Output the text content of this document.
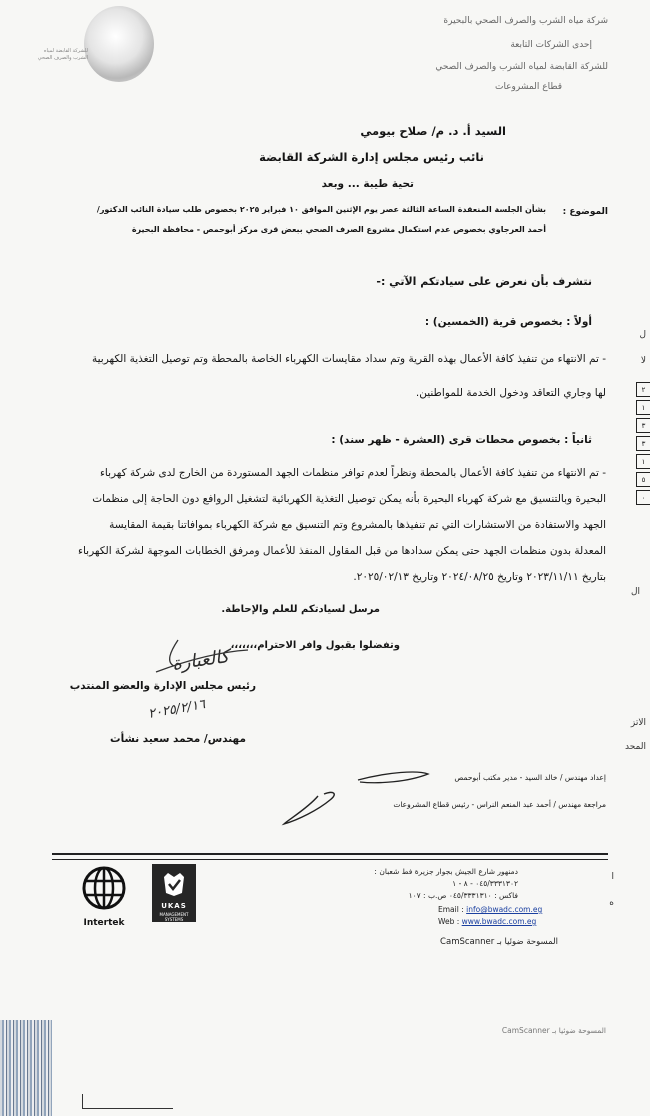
للشركة القابضة لمياه الشرب والصرف الصحي
شركة مياه الشرب والصرف الصحي بالبحيرة
إحدى الشركات التابعة
للشركة القابضة لمياه الشرب والصرف الصحي
قطاع المشروعات
السيد أ. د. م/ صلاح بيومي
نائب رئيس مجلس إدارة الشركة القابضة
تحية طيبة ... وبعد
الموضوع :
بشأن الجلسة المنعقدة الساعة الثالثة عصر يوم الإثنين الموافق ١٠ فبراير ٢٠٢٥ بخصوص طلب سيادة النائب الدكتور/
أحمد العرجاوي بخصوص عدم استكمال مشروع الصرف الصحي ببعض قرى مركز أبوحمص - محافظة البحيرة
نتشرف بأن نعرض على سيادتكم الآتي :-
أولاً : بخصوص قرية (الخمسين) :
- تم الانتهاء من تنفيذ كافة الأعمال بهذه القرية وتم سداد مقايسات الكهرباء الخاصة بالمحطة وتم توصيل التغذية الكهربية
لها وجاري التعاقد ودخول الخدمة للمواطنين.
ثانياً : بخصوص محطات قرى (العشرة - ظهر سند) :
- تم الانتهاء من تنفيذ كافة الأعمال بالمحطة ونظراً لعدم توافر منظمات الجهد المستوردة من الخارج لدى شركة كهرباء
البحيرة وبالتنسيق مع شركة كهرباء البحيرة بأنه يمكن توصيل التغذية الكهربائية لتشغيل الروافع دون الحاجة إلى منظمات
الجهد والاستفادة من الاستشارات التي تم تنفيذها بالمشروع وتم التنسيق مع شركة الكهرباء بموافاتنا بقيمة المقايسة
المعدلة بدون منظمات الجهد حتى يمكن سدادها من قبل المقاول المنفذ للأعمال ومرفق الخطابات الموجهة لشركة الكهرباء
بتاريخ ٢٠٢٣/١١/١١ وتاريخ ٢٠٢٤/٠٨/٢٥ وتاريخ ٢٠٢٥/٠٢/١٣.
مرسل لسيادتكم للعلم والإحاطة.
وتفضلوا بقبول وافر الاحترام،،،،،،،
كالعبارة
رئيس مجلس الإدارة والعضو المنتدب
٢٠٢٥/٢/١٦
مهندس/ محمد سعيد نشأت
إعداد مهندس / خالد السيد - مدير مكتب أبوحمص
مراجعة مهندس / أحمد عبد المنعم النراس - رئيس قطاع المشروعات
ل
لا
٢
١
٣
٣
١
٥
٠
ال
الاتز
المحد
Intertek
UKAS
MANAGEMENT SYSTEMS
دمنهور شارع الجيش بجوار جزيرة فط شعبان :
٠٤٥/٣٣٣١٣٠٢ - ٨ - ١
فاكس : ٠٤٥/٣٣٣١٣١٠ ص.ب : ١٠٧
Email : info@bwadc.com.eg
Web : www.bwadc.com.eg
المسوحة ضوئيا بـ CamScanner
ا
ه
المسوحة ضوئيا بـ CamScanner
